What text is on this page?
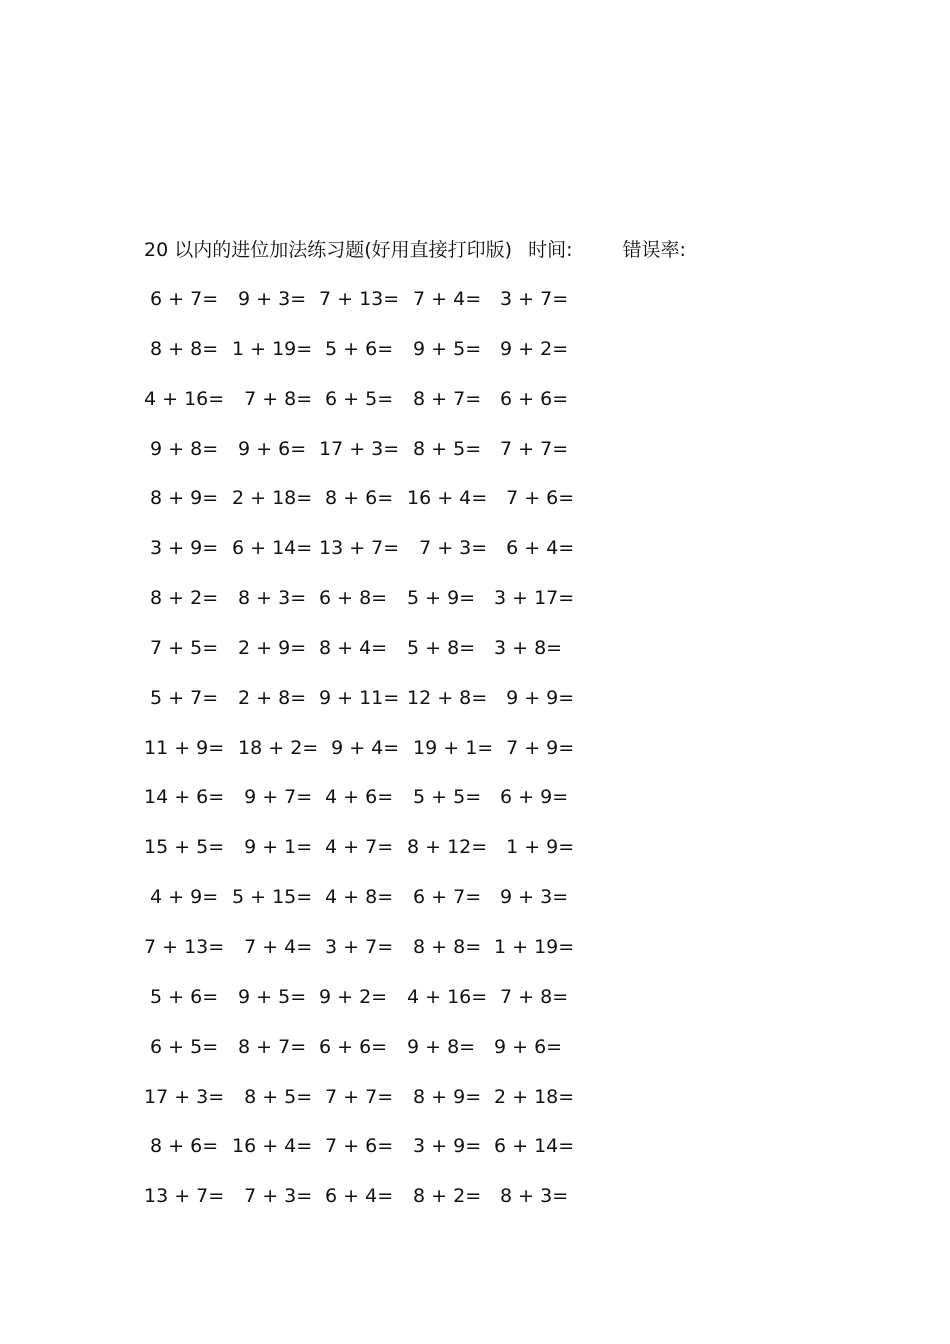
20 以内的进位加法练习题(好用直接打印版) 时间:	错误率:
6 + 7= 9 + 3= 7 + 13= 7 + 4= 3 + 7=
8 + 8= 1 + 19= 5 + 6= 9 + 5= 9 + 2=
4 + 16= 7 + 8= 6 + 5= 8 + 7= 6 + 6=
9 + 8= 9 + 6= 17 + 3= 8 + 5= 7 + 7=
8 + 9= 2 + 18= 8 + 6= 16 + 4= 7 + 6=
3 + 9= 6 + 14= 13 + 7= 7 + 3= 6 + 4=
8 + 2= 8 + 3= 6 + 8= 5 + 9= 3 + 17=
7 + 5= 2 + 9= 8 + 4= 5 + 8= 3 + 8=
5 + 7= 2 + 8= 9 + 11= 12 + 8= 9 + 9=
11 + 9= 18 + 2= 9 + 4= 19 + 1= 7 + 9=
14 + 6= 9 + 7= 4 + 6= 5 + 5= 6 + 9=
15 + 5= 9 + 1= 4 + 7= 8 + 12= 1 + 9=
4 + 9= 5 + 15= 4 + 8= 6 + 7= 9 + 3=
7 + 13= 7 + 4= 3 + 7= 8 + 8= 1 + 19=
5 + 6= 9 + 5= 9 + 2= 4 + 16= 7 + 8=
6 + 5= 8 + 7= 6 + 6= 9 + 8= 9 + 6=
17 + 3= 8 + 5= 7 + 7= 8 + 9= 2 + 18=
8 + 6= 16 + 4= 7 + 6= 3 + 9= 6 + 14=
13 + 7= 7 + 3= 6 + 4= 8 + 2= 8 + 3=
